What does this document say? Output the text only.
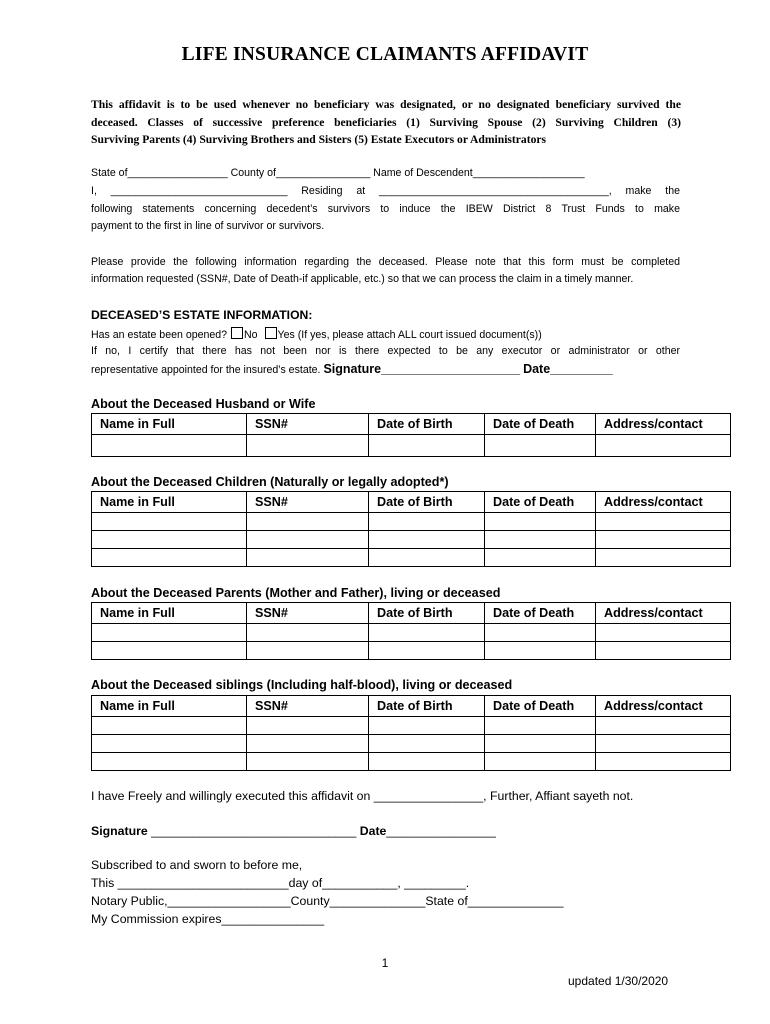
LIFE INSURANCE CLAIMANTS AFFIDAVIT
This affidavit is to be used whenever no beneficiary was designated, or no designated beneficiary survived the
deceased. Classes of successive preference beneficiaries (1) Surviving Spouse (2) Surviving Children (3)
Surviving Parents (4) Surviving Brothers and Sisters (5) Estate Executors or Administrators
State of_________________ County of________________ Name of Descendent___________________
I, ______________________________ Residing at _______________________________________, make the
following statements concerning decedent’s survivors to induce the IBEW District 8 Trust Funds to make
payment to the first in line of survivor or survivors.
Please provide the following information regarding the deceased. Please note that this form must be completed
information requested (SSN#, Date of Death-if applicable, etc.) so that we can process the claim in a timely manner.
DECEASED’S ESTATE INFORMATION:
Has an estate been opened? No Yes (If yes, please attach ALL court issued document(s))
If no, I certify that there has not been nor is there expected to be any executor or administrator or other
representative appointed for the insured’s estate. Signature____________________ Date_________
About the Deceased Husband or Wife
Name in Full	SSN#	Date of Birth	Date of Death	Address/contact

About the Deceased Children (Naturally or legally adopted*)
Name in Full	SSN#	Date of Birth	Date of Death	Address/contact

About the Deceased Parents (Mother and Father), living or deceased
Name in Full	SSN#	Date of Birth	Date of Death	Address/contact

About the Deceased siblings (Including half-blood), living or deceased
Name in Full	SSN#	Date of Birth	Date of Death	Address/contact

I have Freely and willingly executed this affidavit on ________________, Further, Affiant sayeth not.
Signature ______________________________ Date________________
Subscribed to and sworn to before me,
This _________________________day of___________, _________.
Notary Public,__________________County______________State of______________
My Commission expires_______________
1
updated 1/30/2020
